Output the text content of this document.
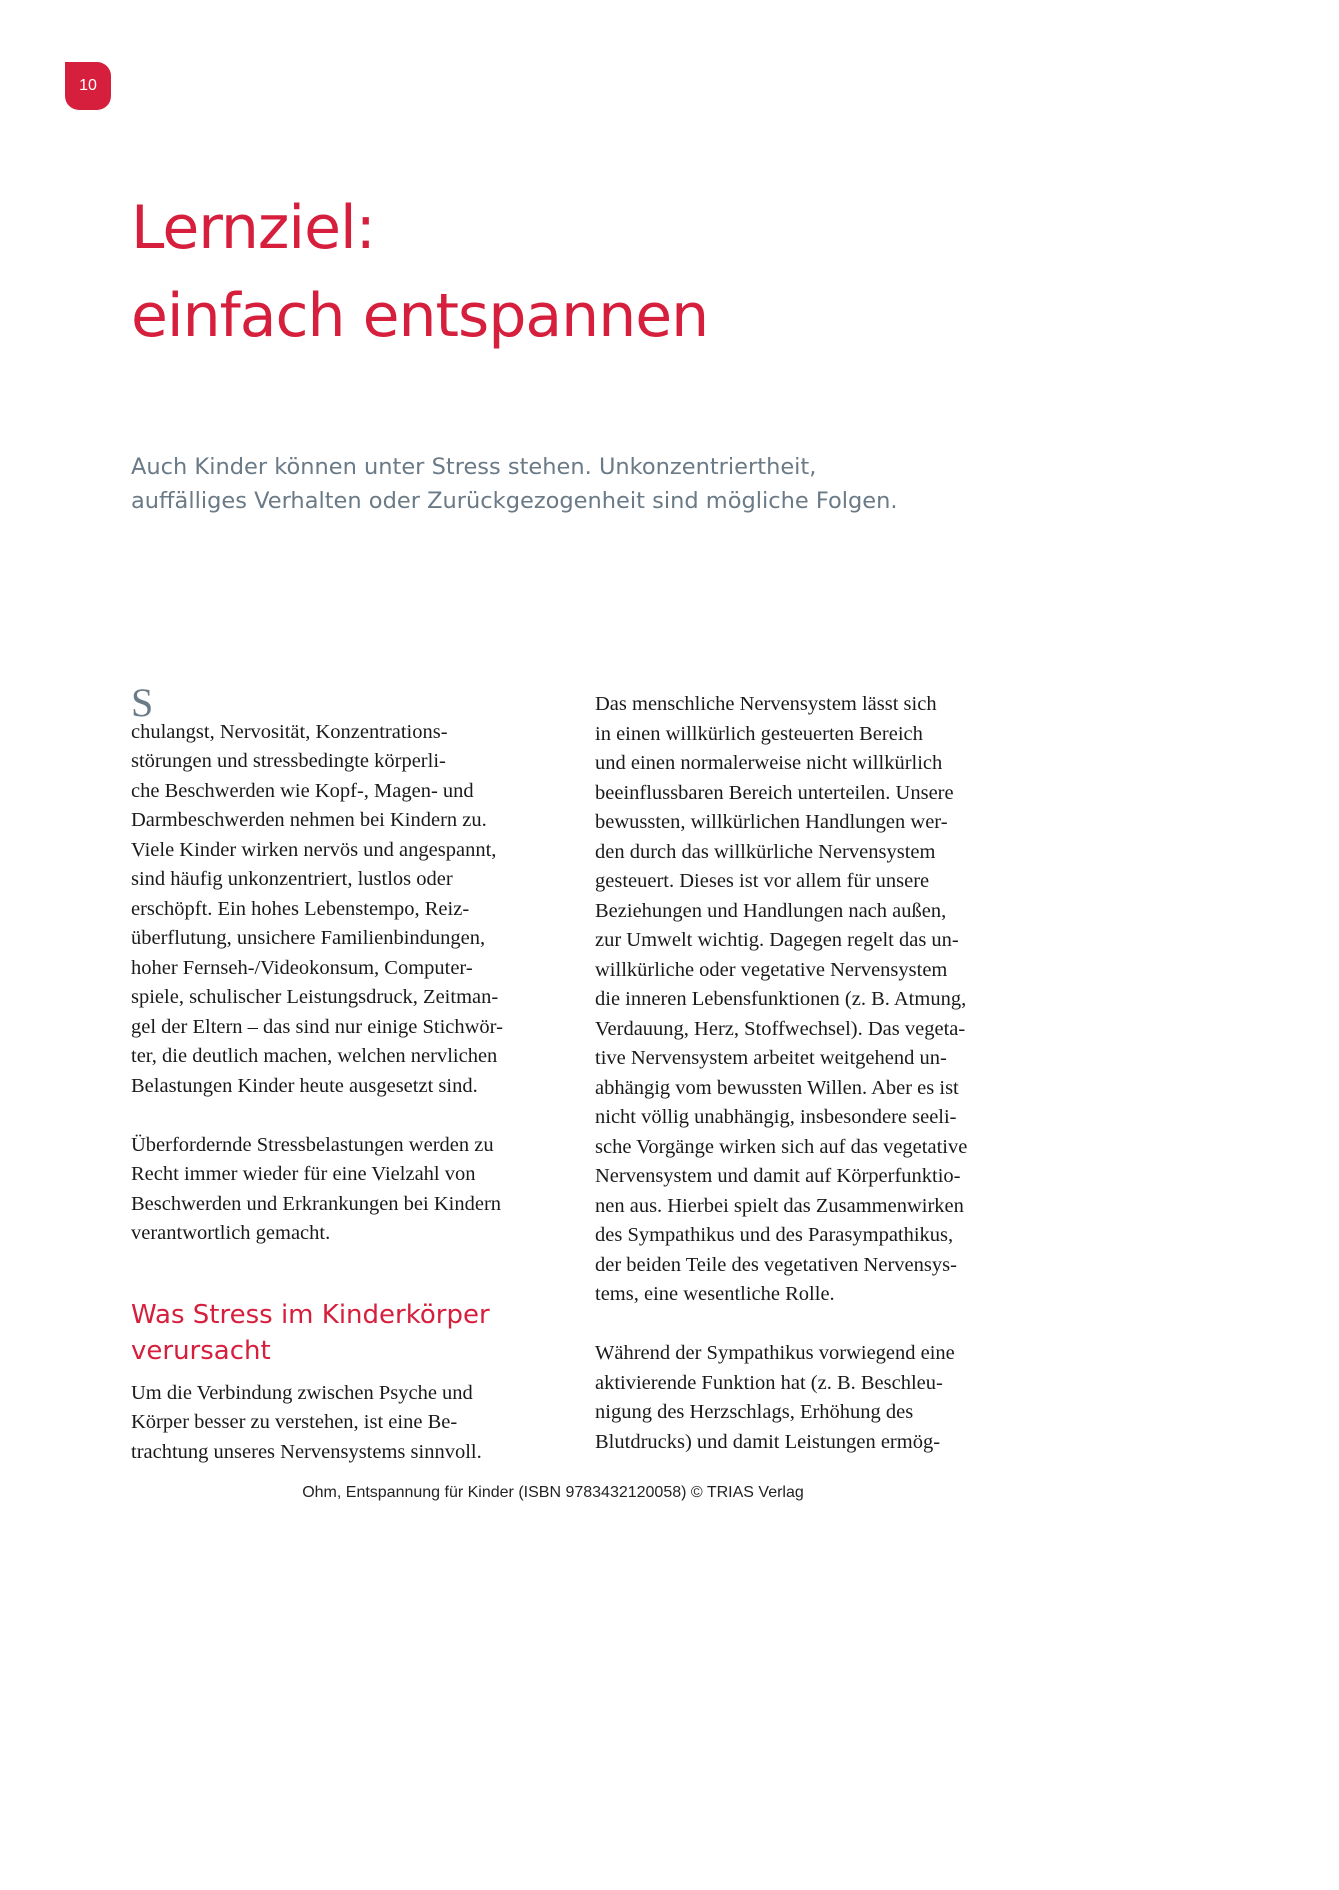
10
Lernziel:
einfach entspannen

Auch Kinder können unter Stress stehen. Unkonzentriertheit,
auffälliges Verhalten oder Zurückgezogenheit sind mögliche Folgen.

S
chulangst, Nervosität, Konzentrations-
störungen und stressbedingte körperli-
che Beschwerden wie Kopf-, Magen- und
Darmbeschwerden nehmen bei Kindern zu.
Viele Kinder wirken nervös und angespannt,
sind häufig unkonzentriert, lustlos oder
erschöpft. Ein hohes Lebenstempo, Reiz-
überflutung, unsichere Familienbindungen,
hoher Fernseh-/Videokonsum, Computer-
spiele, schulischer Leistungsdruck, Zeitman-
gel der Eltern – das sind nur einige Stichwör-
ter, die deutlich machen, welchen nervlichen
Belastungen Kinder heute ausgesetzt sind.

Überfordernde Stressbelastungen werden zu
Recht immer wieder für eine Vielzahl von
Beschwerden und Erkrankungen bei Kindern
verantwortlich gemacht.

Was Stress im Kinderkörper
verursacht

Um die Verbindung zwischen Psyche und
Körper besser zu verstehen, ist eine Be-
trachtung unseres Nervensystems sinnvoll.

Das menschliche Nervensystem lässt sich
in einen willkürlich gesteuerten Bereich
und einen normalerweise nicht willkürlich
beeinflussbaren Bereich unterteilen. Unsere
bewussten, willkürlichen Handlungen wer-
den durch das willkürliche Nervensystem
gesteuert. Dieses ist vor allem für unsere
Beziehungen und Handlungen nach außen,
zur Umwelt wichtig. Dagegen regelt das un-
willkürliche oder vegetative Nervensystem
die inneren Lebensfunktionen (z. B. Atmung,
Verdauung, Herz, Stoffwechsel). Das vegeta-
tive Nervensystem arbeitet weitgehend un-
abhängig vom bewussten Willen. Aber es ist
nicht völlig unabhängig, insbesondere seeli-
sche Vorgänge wirken sich auf das vegetative
Nervensystem und damit auf Körperfunktio-
nen aus. Hierbei spielt das Zusammenwirken
des Sympathikus und des Parasympathikus,
der beiden Teile des vegetativen Nervensys-
tems, eine wesentliche Rolle.

Während der Sympathikus vorwiegend eine
aktivierende Funktion hat (z. B. Beschleu-
nigung des Herzschlags, Erhöhung des
Blutdrucks) und damit Leistungen ermög-

Ohm, Entspannung für Kinder (ISBN 9783432120058) © TRIAS Verlag
